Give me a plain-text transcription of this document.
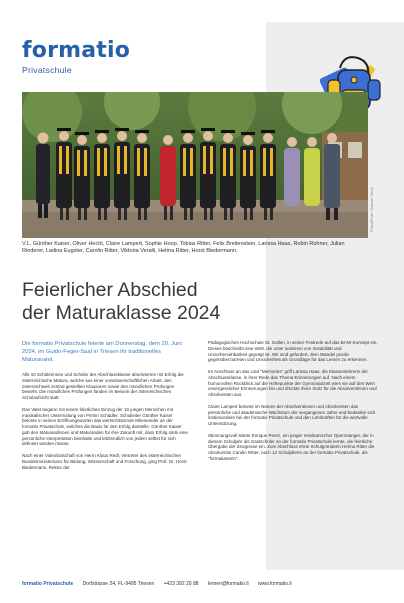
formatio
Privatschule
Fotos/Foto: Gabriel Zichy
V.L. Günther Kaiser, Oliver Hecht, Claire Lampert, Sophie Hoop, Tobias Ritter, Felix Breitenstein, Larissa Haas, Robin Rohner, Julian Rinderer, Ladina Eugster, Carolin Ritter, Viktoria Veralli, Helma Ritter, Horst Biedermann.
Feierlicher Abschied
der Maturaklasse 2024

Die formatio Privatschule feierte am Donnerstag, dem 20. Juni 2024, im Guido-Feger-Saal in Triesen ihr traditionelles Maturavalet.

Alle 10 Schülerinnen und Schüler der Abschlussklasse absolvierten mit Erfolg die österreichische Matura, welche aus einer vorwissenschaftlichen Arbeit, den österreichweit zentral gestellten Klausuren sowie den mündlichen Prüfungen besteht. Die mündlichen Prüfungen fanden im Beisein der österreichischen Schulaufsicht statt.

Das Valet begann mit einem feierlichen Einzug der 10 jungen Menschen mit musikalischer Untermalung von Pirmin Schädler. Schulleiter Günther Kaiser betonte in seinen Eröffnungsworten das wertschätzende Miteinander an der formatio Privatschule, welches die Basis für den Erfolg darstelle. Günther Kaiser gab den Maturandinnen und Maturanden für ihre Zukunft mit, dass Erfolg stets eine persönliche Interpretation beinhalte und letztendlich von jedem selbst für sich definiert werden müsse.

Nach einer Videobotschaft von Herrn Klaus Redl, Vertreter des österreichischen Bundesministeriums für Bildung, Wissenschaft und Forschung, ging Prof. Dr. Horst Biedermann, Rektor der

Pädagogischen Hochschule St. Gallen, in seiner Festrede auf das BANI-Konzept ein. Dieses beschreibt eine Welt, die unter anderem von Instabilität und Unvorhersehbarkeit geprägt ist. Wir sind gefordert, dem Wandel positiv gegenüberzutreten und Unsicherheit als Grundlage für das Lernen zu erkennen.

Im Anschluss an das Lied "Memories" griff Larissa Haas, die Klassenlehrerin der Abschlussklasse, in ihrer Rede das Thema Erinnerungen auf. Nach einem humorvollen Rückblick auf die Höhepunkte der Gymnasialzeit wies sie auf den Wert unvergesslicher Erinnerungen hin und drückte ihren Stolz für die Absolventinnen und Absolventen aus.

Claire Lampert betonte im Namen der Absolventinnen und Absolventen das persönliche und akademische Wachstum der vergangenen Jahre und bedankte sich insbesondere bei der formatio Privatschule und den Lehrkräften für die wertvolle Unterstützung.

Stimmungsvoll leitete Enrique Perez, ein junger mexikanischer Opernsänger, der in diesem Schuljahr als Gastschüler an der formatio Privatschule lernte, die feierliche Übergabe der Zeugnisse ein. Zum Abschluss ehrte Schulgründerin Helma Ritter die Absolventin Carolin Ritter, nach 12 Schuljahren an der formatio Privatschule, als "formatianerin".

formatio Privatschule Dorfstrasse 24, FL-9495 Triesen +423 392 20 88 lernen@formatio.li www.formatio.li
